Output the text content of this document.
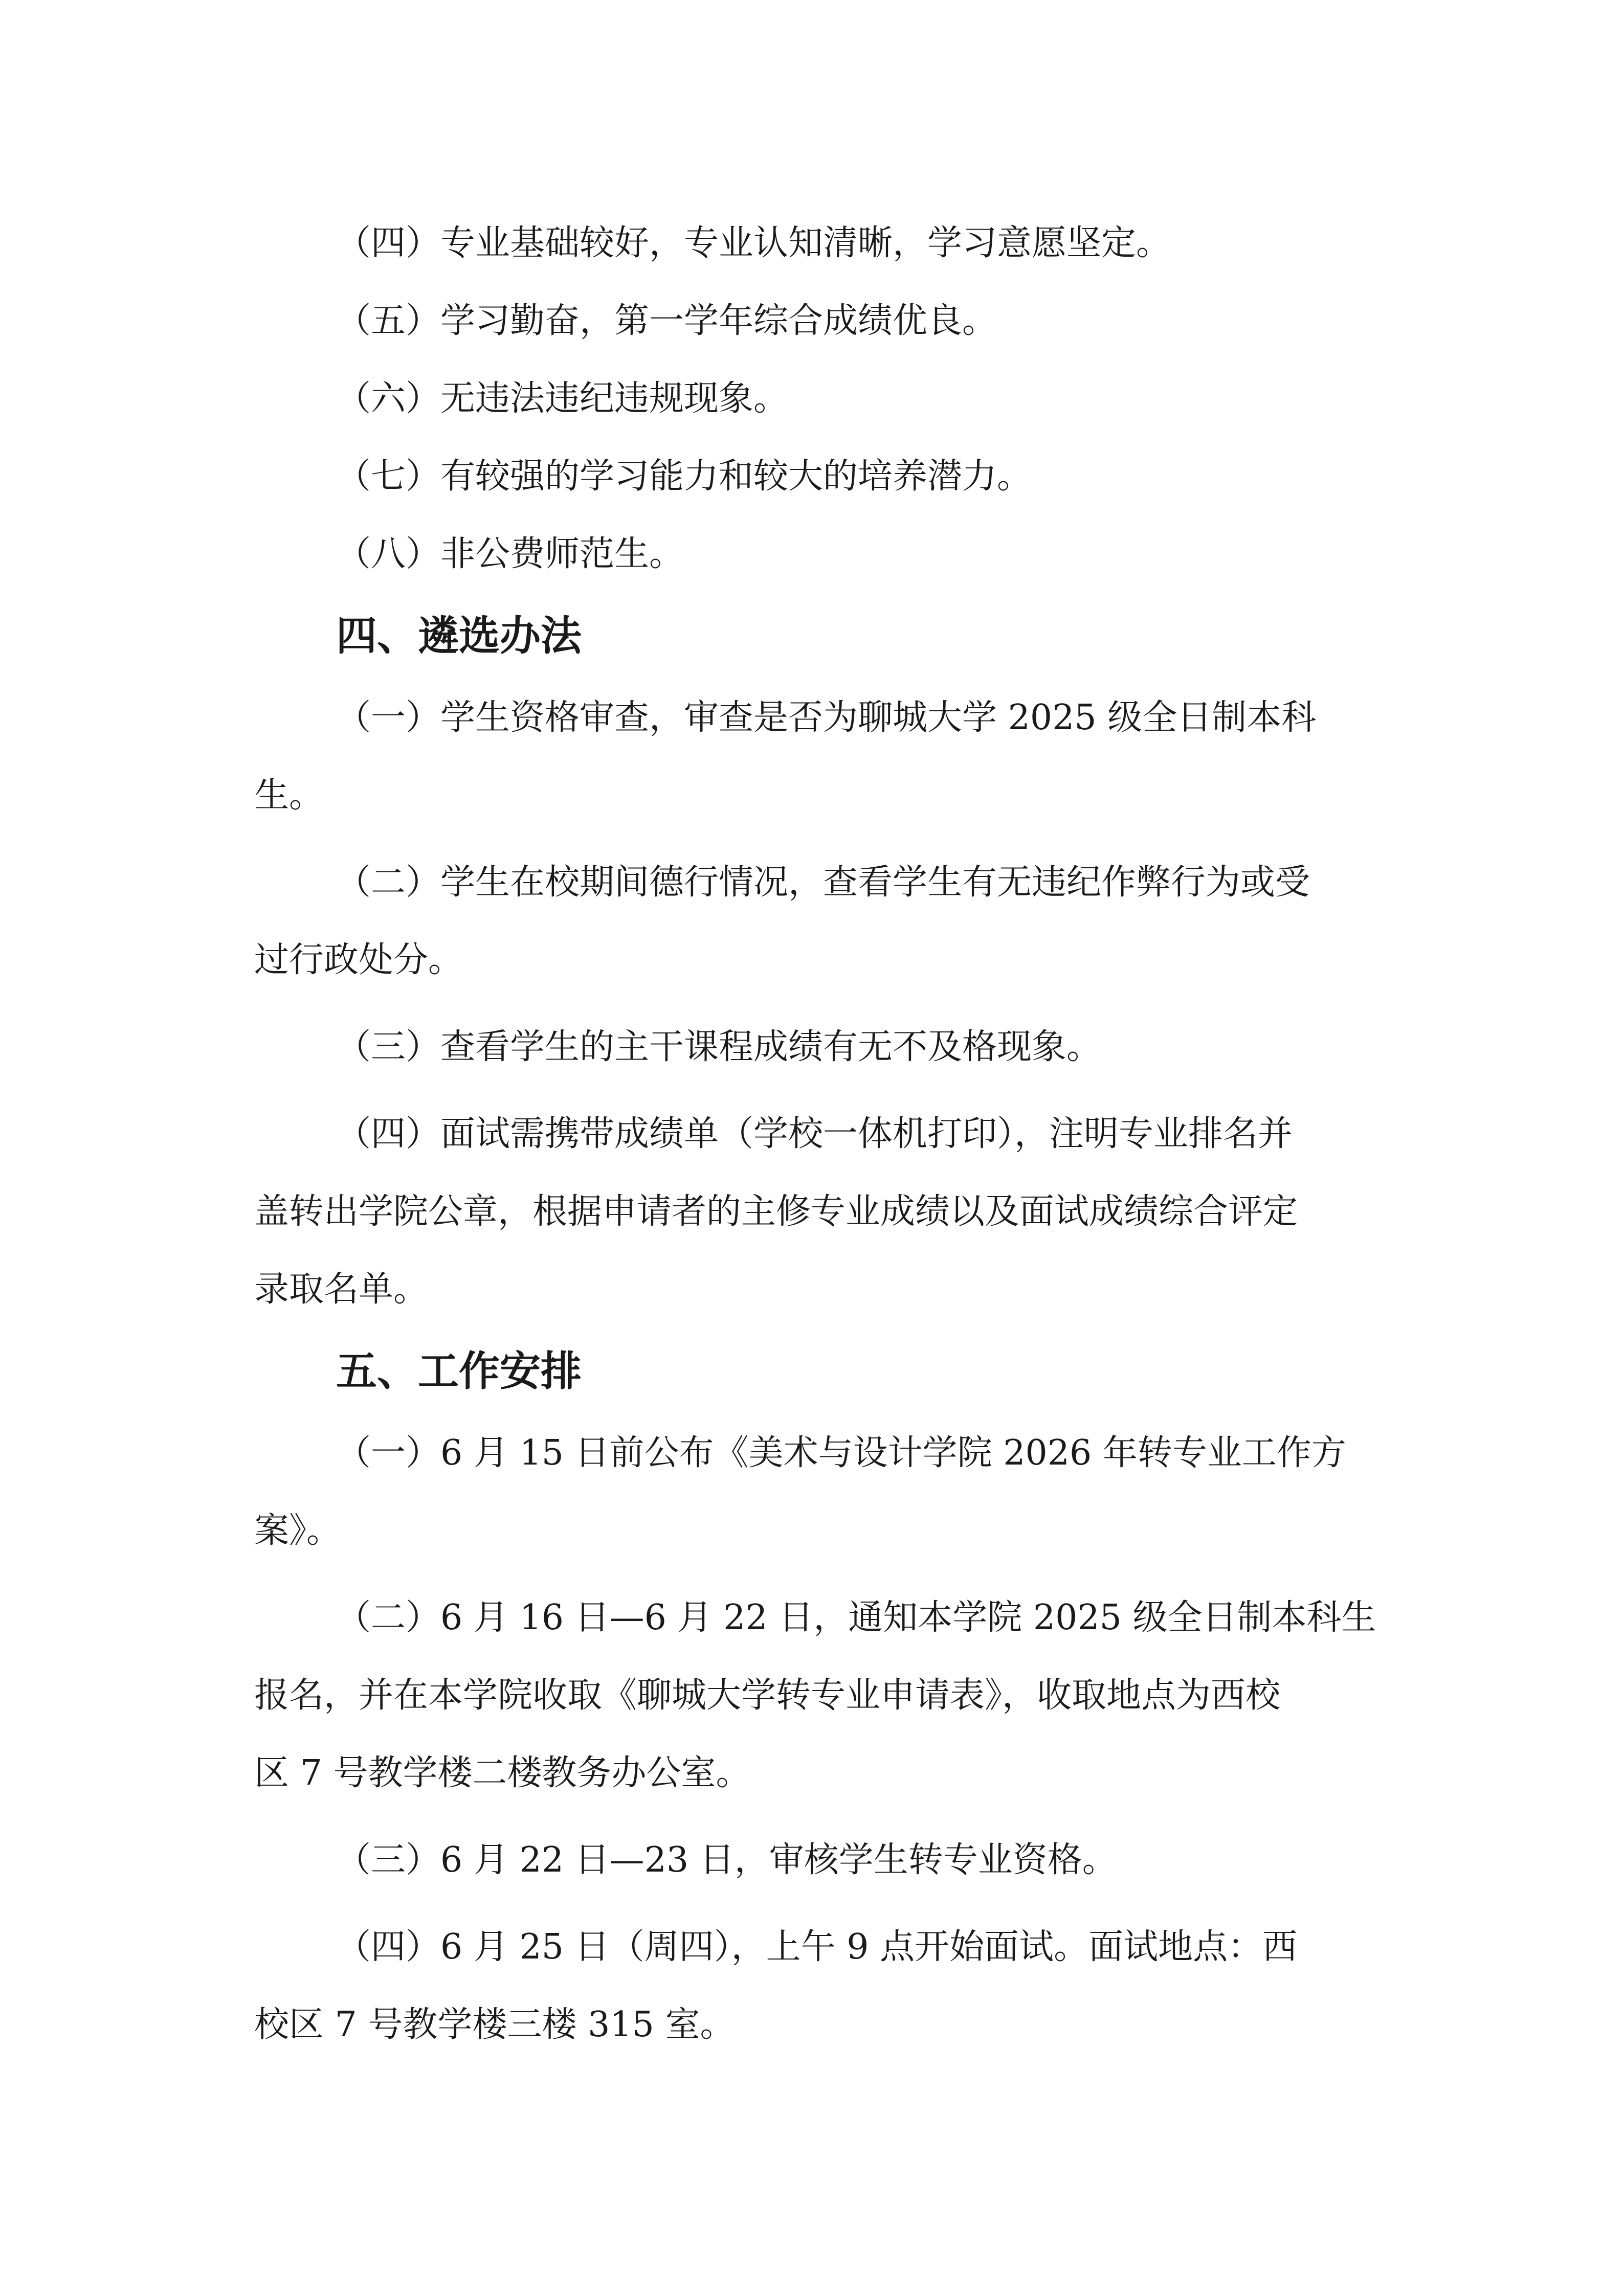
（四）专业基础较好，专业认知清晰，学习意愿坚定。

（五）学习勤奋，第一学年综合成绩优良。

（六）无违法违纪违规现象。

（七）有较强的学习能力和较大的培养潜力。

（八）非公费师范生。

四、遴选办法

（一）学生资格审查，审查是否为聊城大学 2025 级全日制本科

生。

（二）学生在校期间德行情况，查看学生有无违纪作弊行为或受

过行政处分。

（三）查看学生的主干课程成绩有无不及格现象。

（四）面试需携带成绩单（学校一体机打印），注明专业排名并

盖转出学院公章，根据申请者的主修专业成绩以及面试成绩综合评定

录取名单。

五、工作安排

（一）6 月 15 日前公布《美术与设计学院 2026 年转专业工作方

案》。

（二）6 月 16 日—6 月 22 日，通知本学院 2025 级全日制本科生

报名，并在本学院收取《聊城大学转专业申请表》，收取地点为西校

区 7 号教学楼二楼教务办公室。

（三）6 月 22 日—23 日，审核学生转专业资格。

（四）6 月 25 日（周四），上午 9 点开始面试。面试地点：西

校区 7 号教学楼三楼 315 室。
